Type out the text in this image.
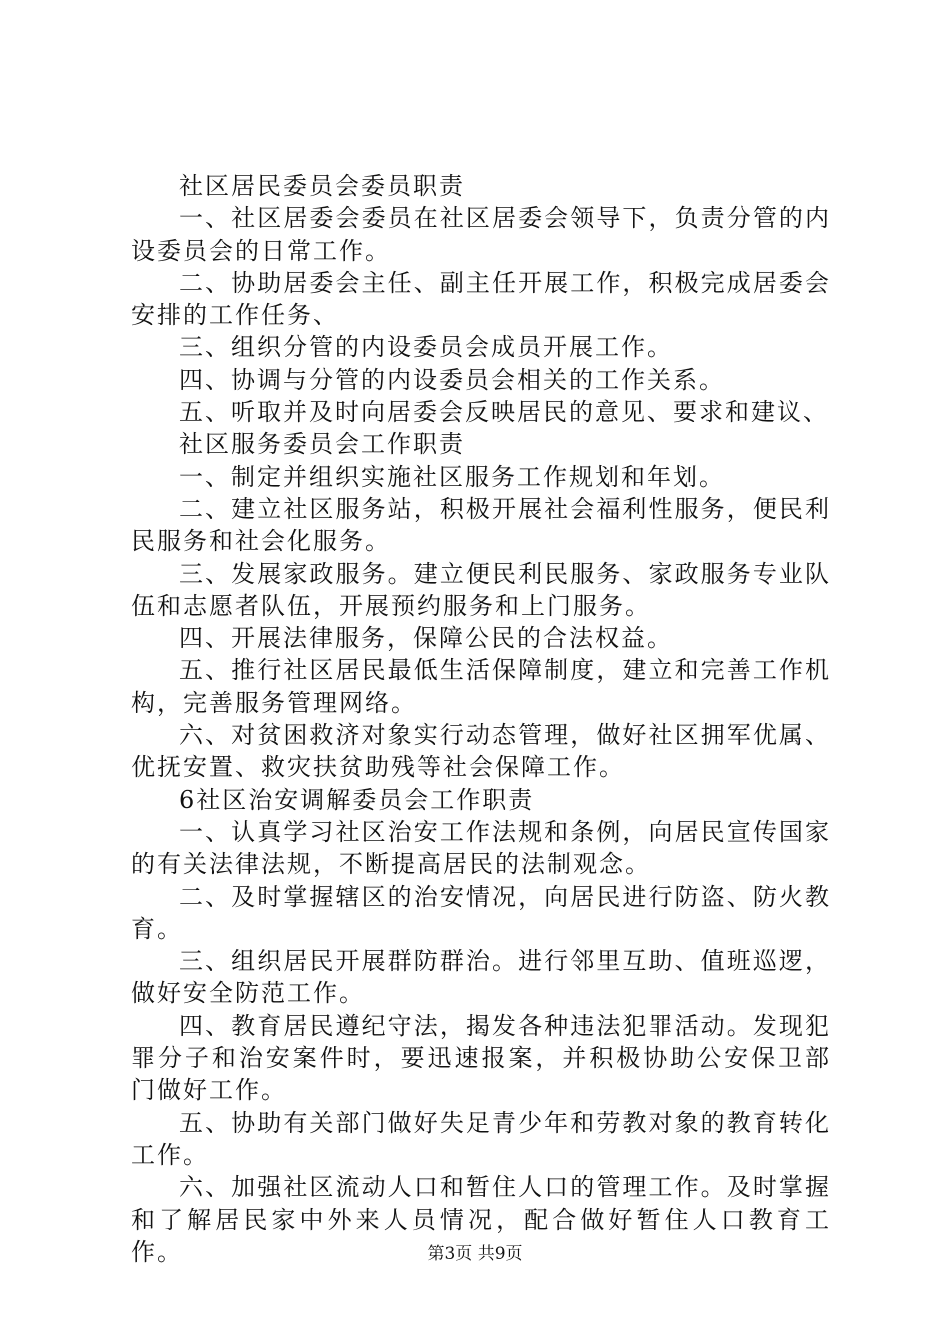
社区居民委员会委员职责

一、社区居委会委员在社区居委会领导下，负责分管的内设委员会的日常工作。

二、协助居委会主任、副主任开展工作，积极完成居委会安排的工作任务、

三、组织分管的内设委员会成员开展工作。

四、协调与分管的内设委员会相关的工作关系。

五、听取并及时向居委会反映居民的意见、要求和建议、

社区服务委员会工作职责

一、制定并组织实施社区服务工作规划和年划。

二、建立社区服务站，积极开展社会福利性服务，便民利民服务和社会化服务。

三、发展家政服务。建立便民利民服务、家政服务专业队伍和志愿者队伍，开展预约服务和上门服务。

四、开展法律服务，保障公民的合法权益。

五、推行社区居民最低生活保障制度，建立和完善工作机构，完善服务管理网络。

六、对贫困救济对象实行动态管理，做好社区拥军优属、优抚安置、救灾扶贫助残等社会保障工作。

6社区治安调解委员会工作职责

一、认真学习社区治安工作法规和条例，向居民宣传国家的有关法律法规，不断提高居民的法制观念。

二、及时掌握辖区的治安情况，向居民进行防盗、防火教育。

三、组织居民开展群防群治。进行邻里互助、值班巡逻，做好安全防范工作。

四、教育居民遵纪守法，揭发各种违法犯罪活动。发现犯罪分子和治安案件时，要迅速报案，并积极协助公安保卫部门做好工作。

五、协助有关部门做好失足青少年和劳教对象的教育转化工作。

六、加强社区流动人口和暂住人口的管理工作。及时掌握和了解居民家中外来人员情况，配合做好暂住人口教育工作。	第3页 共9页
